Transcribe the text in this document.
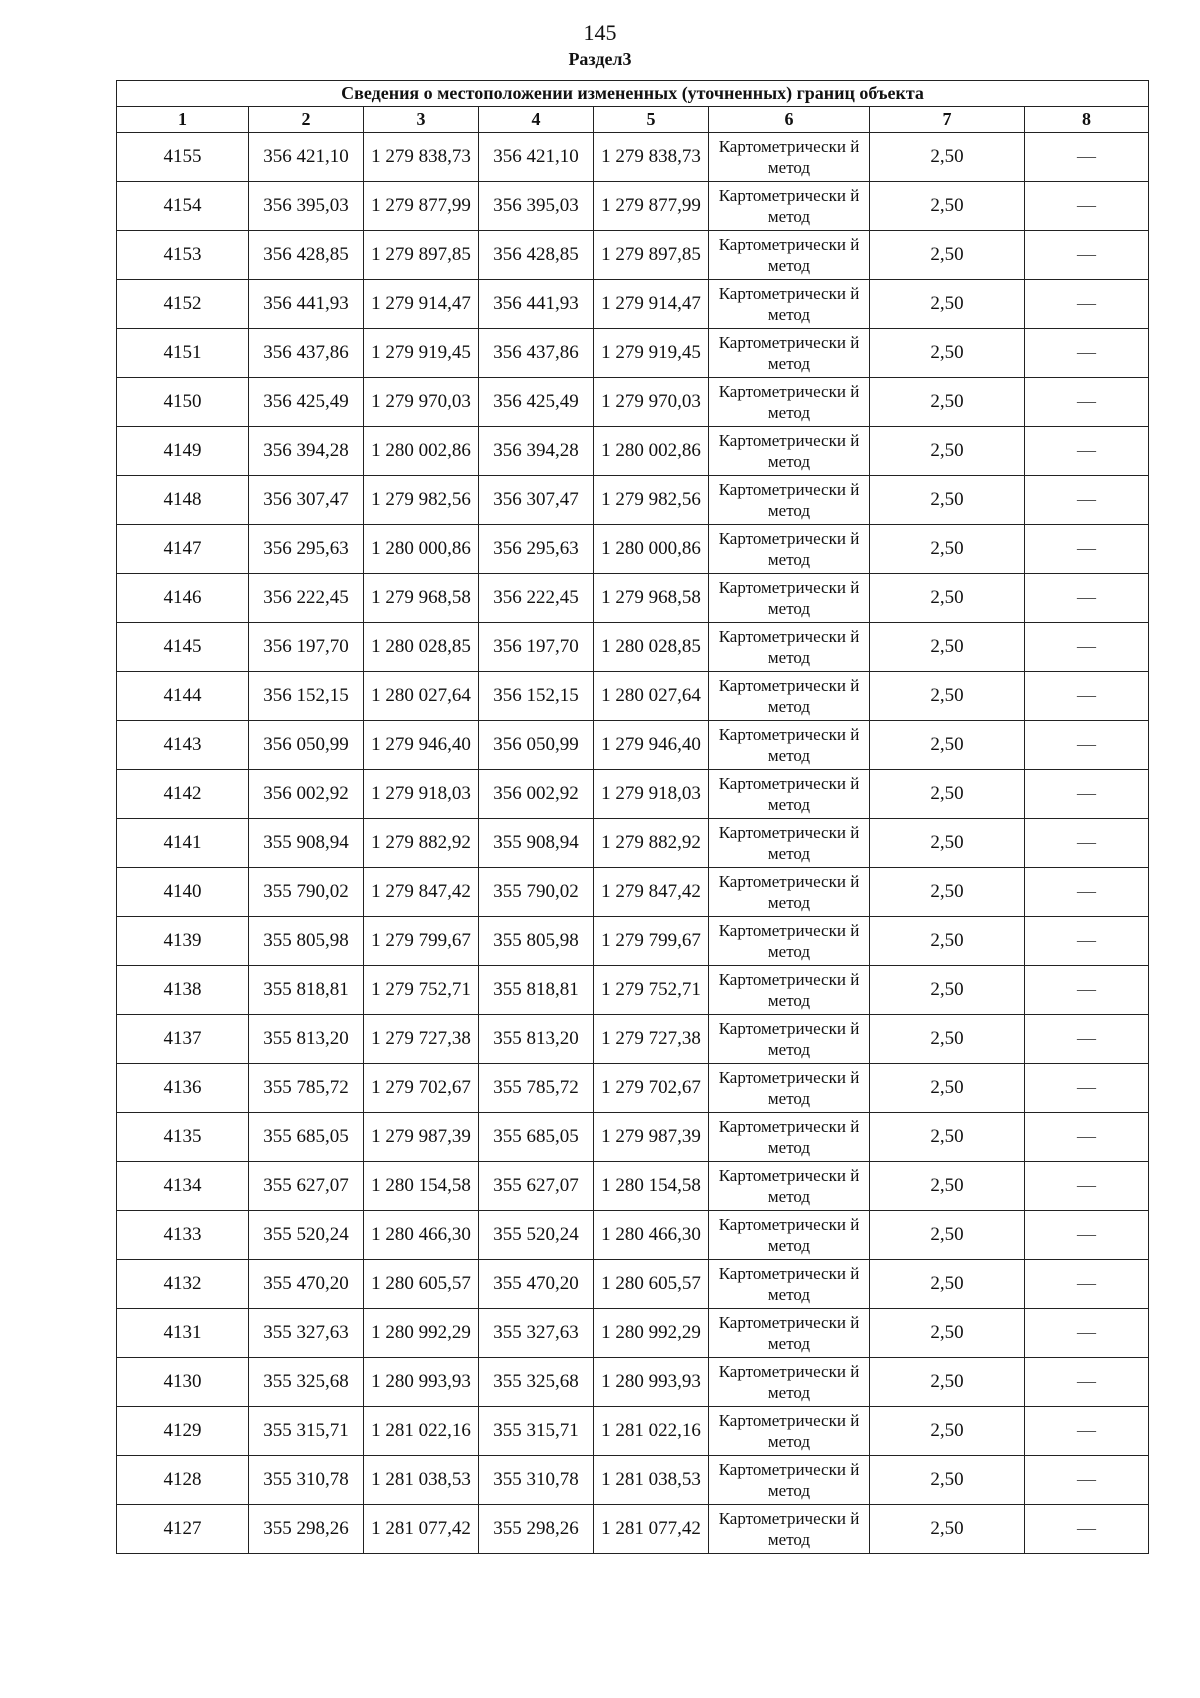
145
Раздел3
Сведения о местоположении измененных (уточненных) границ объекта							
1	2	3	4	5	6	7	8
4155	356 421,10	1 279 838,73	356 421,10	1 279 838,73	Картометрически й метод	2,50	—
4154	356 395,03	1 279 877,99	356 395,03	1 279 877,99	Картометрически й метод	2,50	—
4153	356 428,85	1 279 897,85	356 428,85	1 279 897,85	Картометрически й метод	2,50	—
4152	356 441,93	1 279 914,47	356 441,93	1 279 914,47	Картометрически й метод	2,50	—
4151	356 437,86	1 279 919,45	356 437,86	1 279 919,45	Картометрически й метод	2,50	—
4150	356 425,49	1 279 970,03	356 425,49	1 279 970,03	Картометрически й метод	2,50	—
4149	356 394,28	1 280 002,86	356 394,28	1 280 002,86	Картометрически й метод	2,50	—
4148	356 307,47	1 279 982,56	356 307,47	1 279 982,56	Картометрически й метод	2,50	—
4147	356 295,63	1 280 000,86	356 295,63	1 280 000,86	Картометрически й метод	2,50	—
4146	356 222,45	1 279 968,58	356 222,45	1 279 968,58	Картометрически й метод	2,50	—
4145	356 197,70	1 280 028,85	356 197,70	1 280 028,85	Картометрически й метод	2,50	—
4144	356 152,15	1 280 027,64	356 152,15	1 280 027,64	Картометрически й метод	2,50	—
4143	356 050,99	1 279 946,40	356 050,99	1 279 946,40	Картометрически й метод	2,50	—
4142	356 002,92	1 279 918,03	356 002,92	1 279 918,03	Картометрически й метод	2,50	—
4141	355 908,94	1 279 882,92	355 908,94	1 279 882,92	Картометрически й метод	2,50	—
4140	355 790,02	1 279 847,42	355 790,02	1 279 847,42	Картометрически й метод	2,50	—
4139	355 805,98	1 279 799,67	355 805,98	1 279 799,67	Картометрически й метод	2,50	—
4138	355 818,81	1 279 752,71	355 818,81	1 279 752,71	Картометрически й метод	2,50	—
4137	355 813,20	1 279 727,38	355 813,20	1 279 727,38	Картометрически й метод	2,50	—
4136	355 785,72	1 279 702,67	355 785,72	1 279 702,67	Картометрически й метод	2,50	—
4135	355 685,05	1 279 987,39	355 685,05	1 279 987,39	Картометрически й метод	2,50	—
4134	355 627,07	1 280 154,58	355 627,07	1 280 154,58	Картометрически й метод	2,50	—
4133	355 520,24	1 280 466,30	355 520,24	1 280 466,30	Картометрически й метод	2,50	—
4132	355 470,20	1 280 605,57	355 470,20	1 280 605,57	Картометрически й метод	2,50	—
4131	355 327,63	1 280 992,29	355 327,63	1 280 992,29	Картометрически й метод	2,50	—
4130	355 325,68	1 280 993,93	355 325,68	1 280 993,93	Картометрически й метод	2,50	—
4129	355 315,71	1 281 022,16	355 315,71	1 281 022,16	Картометрически й метод	2,50	—
4128	355 310,78	1 281 038,53	355 310,78	1 281 038,53	Картометрически й метод	2,50	—
4127	355 298,26	1 281 077,42	355 298,26	1 281 077,42	Картометрически й метод	2,50	—
